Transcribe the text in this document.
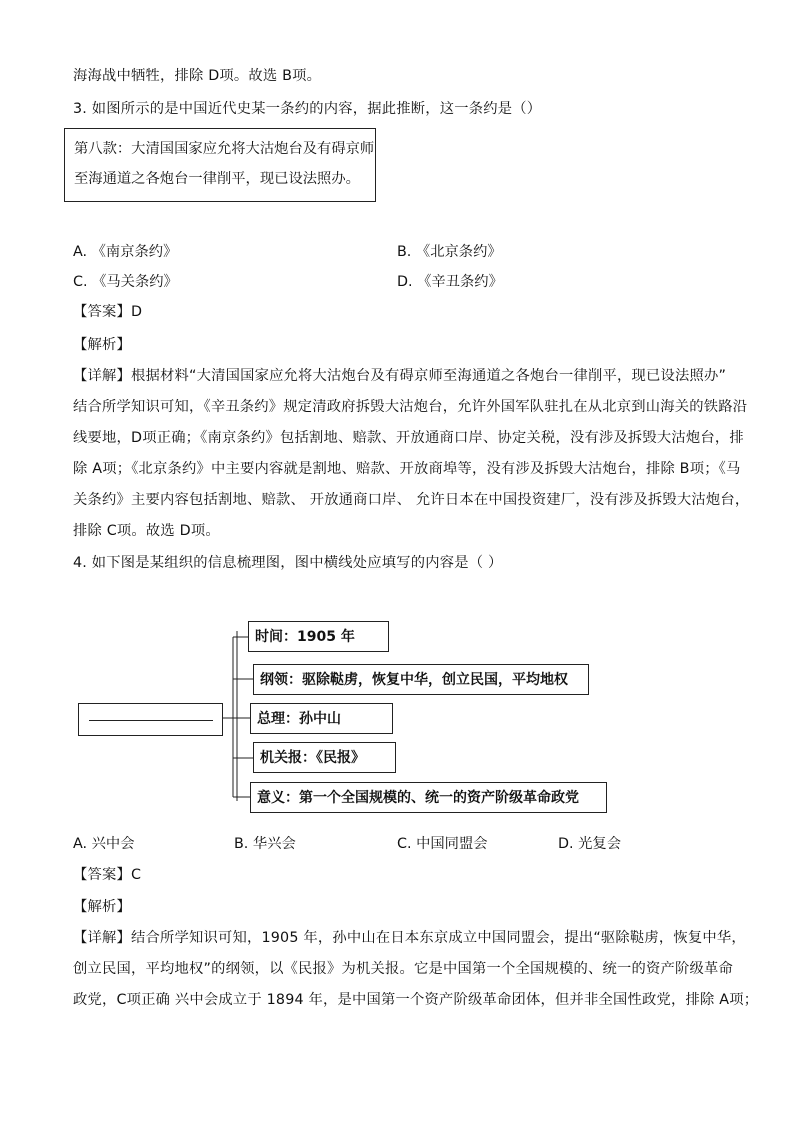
海海战中牺牲，排除 D项。故选 B项。
3. 如图所示的是中国近代史某一条约的内容，据此推断，这一条约是（）
第八款：大清国国家应允将大沽炮台及有碍京师
至海通道之各炮台一律削平，现已设法照办。
A. 《南京条约》	B. 《北京条约》
C. 《马关条约》	D. 《辛丑条约》
【答案】D
【解析】
【详解】根据材料“大清国国家应允将大沽炮台及有碍京师至海通道之各炮台一律削平，现已设法照办”
结合所学知识可知，《辛丑条约》规定清政府拆毁大沽炮台，允许外国军队驻扎在从北京到山海关的铁路沿
线要地，D项正确；《南京条约》包括割地、赔款、开放通商口岸、协定关税，没有涉及拆毁大沽炮台，排
除 A项；《北京条约》中主要内容就是割地、赔款、开放商埠等，没有涉及拆毁大沽炮台，排除 B项；《马
关条约》主要内容包括割地、赔款、 开放通商口岸、 允许日本在中国投资建厂，没有涉及拆毁大沽炮台，
排除 C项。故选 D项。
4. 如下图是某组织的信息梳理图，图中横线处应填写的内容是（ ）
时间：1905 年
纲领：驱除鞑虏，恢复中华，创立民国，平均地权
总理：孙中山
机关报：《民报》
意义：第一个全国规模的、统一的资产阶级革命政党
A. 兴中会	B. 华兴会	C. 中国同盟会	D. 光复会
【答案】C
【解析】
【详解】结合所学知识可知，1905 年，孙中山在日本东京成立中国同盟会，提出“驱除鞑虏，恢复中华，
创立民国，平均地权”的纲领，以《民报》为机关报。它是中国第一个全国规模的、统一的资产阶级革命
政党，C项正确 兴中会成立于 1894 年，是中国第一个资产阶级革命团体，但并非全国性政党，排除 A项；
